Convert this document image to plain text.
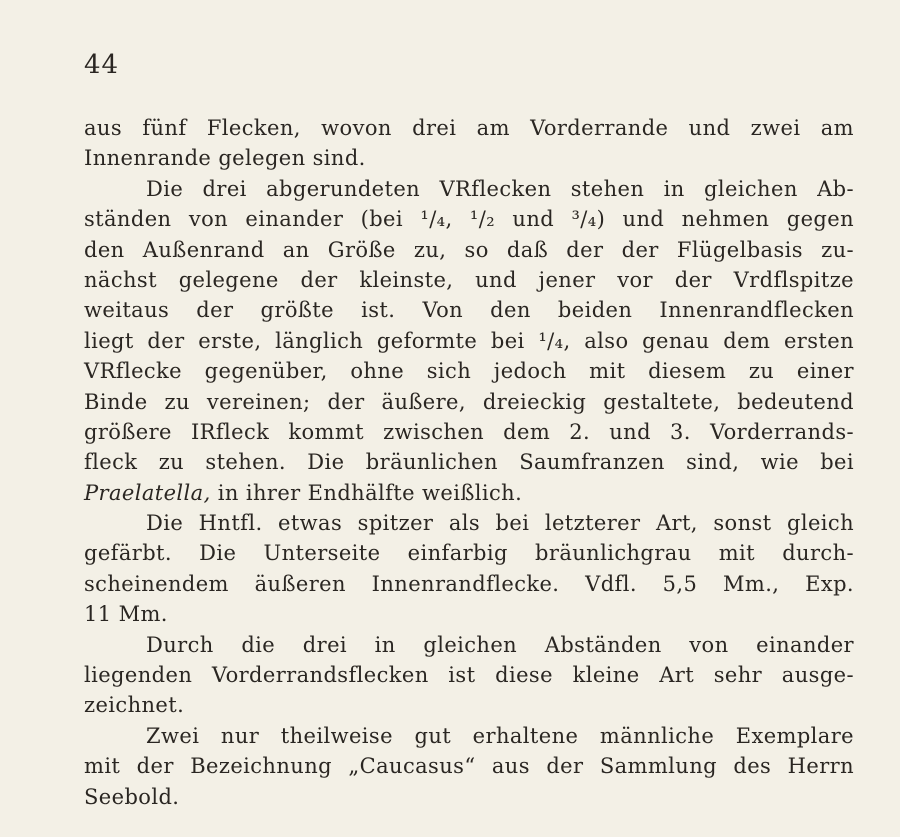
44
aus fünf Flecken, wovon drei am Vorderrande und zwei am
Innenrande gelegen sind.
Die drei abgerundeten VRflecken stehen in gleichen Ab-
ständen von einander (bei ¹/₄, ¹/₂ und ³/₄) und nehmen gegen
den Außenrand an Größe zu, so daß der der Flügelbasis zu-
nächst gelegene der kleinste, und jener vor der Vrdflspitze
weitaus der größte ist. Von den beiden Innenrandflecken
liegt der erste, länglich geformte bei ¹/₄, also genau dem ersten
VRflecke gegenüber, ohne sich jedoch mit diesem zu einer
Binde zu vereinen; der äußere, dreieckig gestaltete, bedeutend
größere IRfleck kommt zwischen dem 2. und 3. Vorderrands-
fleck zu stehen. Die bräunlichen Saumfranzen sind, wie bei
Praelatella, in ihrer Endhälfte weißlich.
Die Hntfl. etwas spitzer als bei letzterer Art, sonst gleich
gefärbt. Die Unterseite einfarbig bräunlichgrau mit durch-
scheinendem äußeren Innenrandflecke. Vdfl. 5,5 Mm., Exp.
11 Mm.
Durch die drei in gleichen Abständen von einander
liegenden Vorderrandsflecken ist diese kleine Art sehr ausge-
zeichnet.
Zwei nur theilweise gut erhaltene männliche Exemplare
mit der Bezeichnung „Caucasus“ aus der Sammlung des Herrn
Seebold.
